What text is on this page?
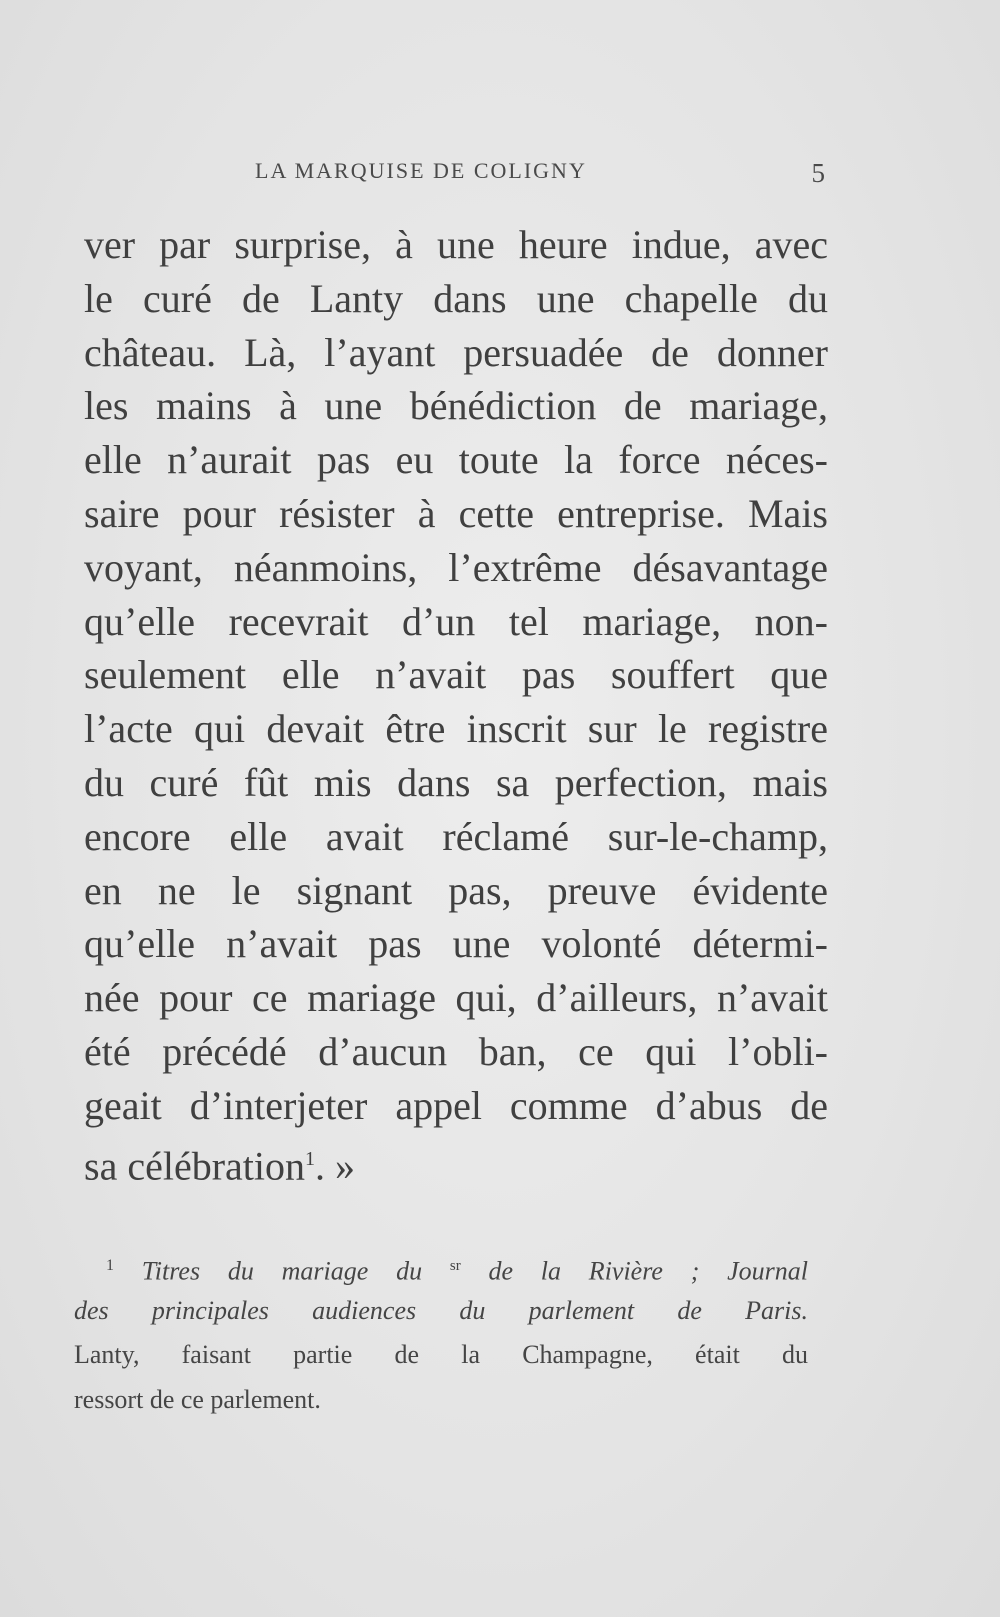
LA MARQUISE DE COLIGNY	5
ver par surprise, à une heure indue, avec
le curé de Lanty dans une chapelle du
château. Là, l’ayant persuadée de donner
les mains à une bénédiction de mariage,
elle n’aurait pas eu toute la force néces-
saire pour résister à cette entreprise. Mais
voyant, néanmoins, l’extrême désavantage
qu’elle recevrait d’un tel mariage, non-
seulement elle n’avait pas souffert que
l’acte qui devait être inscrit sur le registre
du curé fût mis dans sa perfection, mais
encore elle avait réclamé sur-le-champ,
en ne le signant pas, preuve évidente
qu’elle n’avait pas une volonté détermi-
née pour ce mariage qui, d’ailleurs, n’avait
été précédé d’aucun ban, ce qui l’obli-
geait d’interjeter appel comme d’abus de
sa célébration$^1$. »
$^1$ Titres du mariage du $^{sr}$ de la Rivière ; Journal
des principales audiences du parlement de Paris.
Lanty, faisant partie de la Champagne, était du
ressort de ce parlement.
